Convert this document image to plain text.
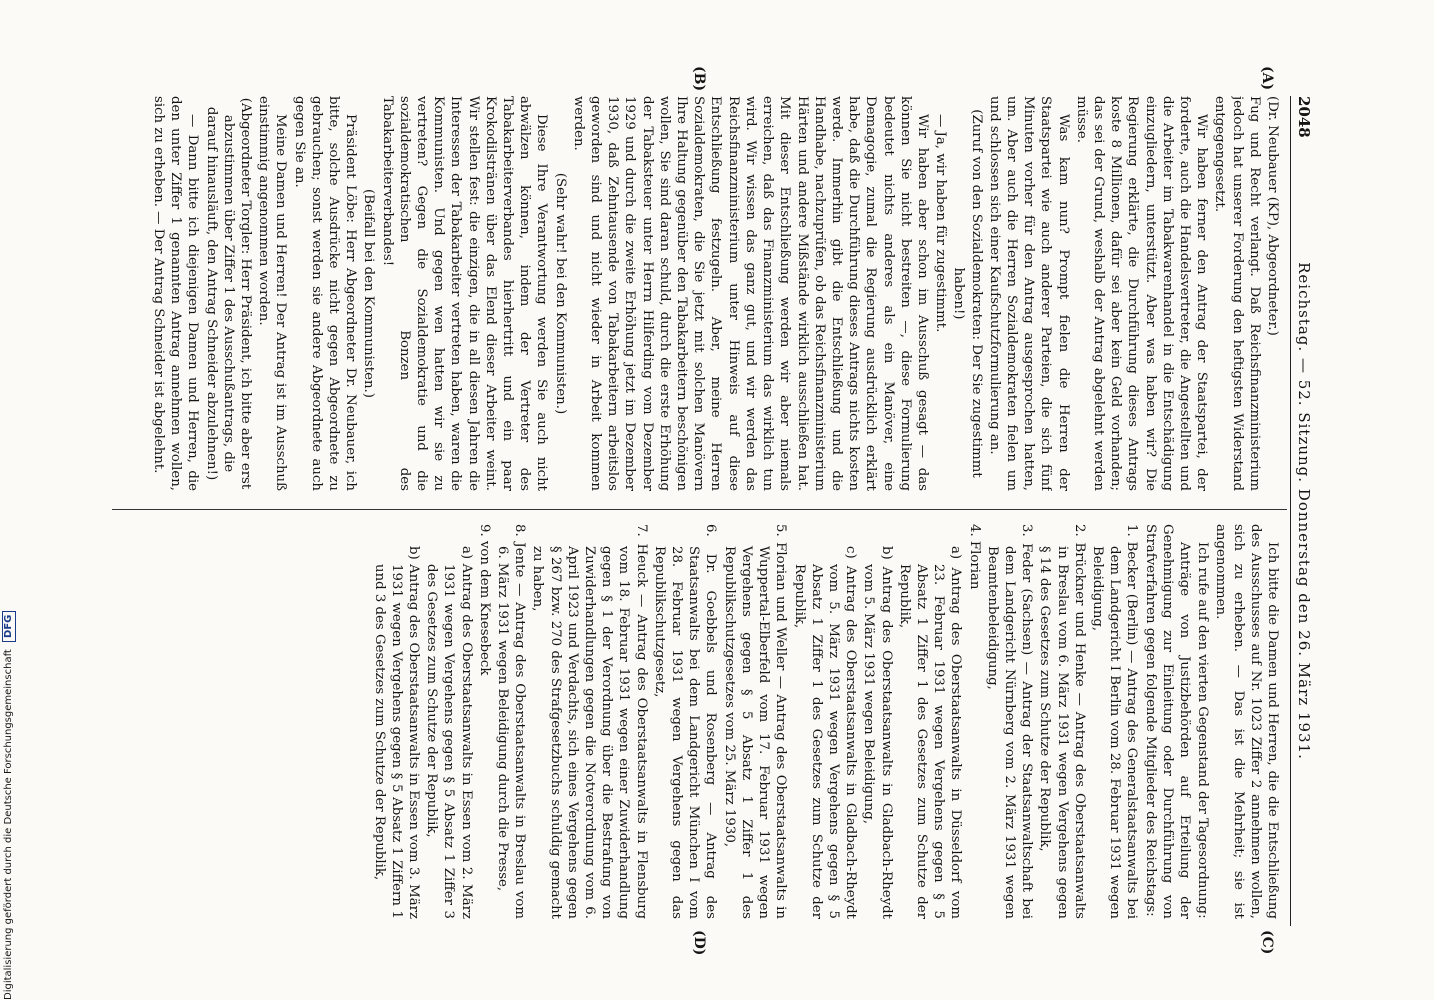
2048
Reichstag. — 52. Sitzung. Donnerstag den 26. März 1931.

(Dr. Neubauer (KP), Abgeordneter.)

Fug und Recht verlangt. Daß Reichsfinanzministerium jedoch hat unserer Forderung den heftigsten Widerstand entgegengesetzt.

Wir haben ferner den Antrag der Staatspartei, der forderte, auch die Handelsvertreter, die Angestellten und die Arbeiter im Tabakwarenhandel in die Entschädigung einzugliedern, unterstützt. Aber was haben wir? Die Regierung erklärte, die Durchführung dieses Antrags koste 8 Millionen, dafür sei aber kein Geld vorhanden; das sei der Grund, weshalb der Antrag abgelehnt werden müsse.

Was kam nun? Prompt fielen die Herren der Staatspartei wie auch anderer Parteien, die sich fünf Minuten vorher für den Antrag ausgesprochen hatten, um. Aber auch die Herren Sozialdemokraten fielen um und schlossen sich einer Kaufschutzformulierung an.

(Zuruf von den Sozialdemokraten: Der Sie zugestimmt haben!)

— Ja, wir haben für zugestimmt.

Wir haben aber schon im Ausschuß gesagt — das können Sie nicht bestreiten —, diese Formulierung bedeutet nichts anderes als ein Manöver, eine Demagogie, zumal die Regierung ausdrücklich erklärt habe, daß die Durchführung dieses Antrags nichts kosten werde. Immerhin gibt die Entschließung und die Handhabe, nachzuprüfen, ob das Reichsfinanzministerium Härten und andere Mißstände wirklich ausschließen hat. Mit dieser Entschließung werden wir aber niemals erreichen, daß das Finanzministerium das wirklich tun wird. Wir wissen das ganz gut, und wir werden das Reichsfinanzministerium unter Hinweis auf diese Entschließung festzugeln. Aber, meine Herren Sozialdemokraten, die Sie jetzt mit solchen Manövern Ihre Haltung gegenüber den Tabakarbeitern beschönigen wollen, Sie sind daran schuld, durch die erste Erhöhung der Tabaksteuer unter Herrn Hilferding vom Dezember 1929 und durch die zweite Erhöhung jetzt im Dezember 1930, daß Zehntausende von Tabakarbeitern arbeitslos geworden sind und nicht wieder in Arbeit kommen werden.

(Sehr wahr! bei den Kommunisten.)

Diese Ihre Verantwortung werden Sie auch nicht abwälzen können, indem der Vertreter des Tabakarbeiterverbandes hierhertritt und ein paar Krokodilstränen über das Elend dieser Arbeiter weint. Wir stellen fest: die einzigen, die in all diesen Jahren die Interessen der Tabakarbeiter vertreten haben, waren die Kommunisten. Und gegen wen hatten wir sie zu vertreten? Gegen die Sozialdemokratie und die sozialdemokratischen Bonzen des Tabakarbeiterverbandes!

(Beifall bei den Kommunisten.)

Präsident Löbe: Herr Abgeordneter Dr. Neubauer, ich bitte, solche Ausdrücke nicht gegen Abgeordnete zu gebrauchen; sonst werden sie andere Abgeordnete auch gegen Sie an.

Meine Damen und Herren! Der Antrag ist im Ausschuß einstimmig angenommen worden.

(Abgeordneter Torgler: Herr Präsident, ich bitte aber erst abzustimmen über Ziffer 1 des Ausschußantrags, die darauf hinausläuft, den Antrag Schneider abzulehnen!)

— Dann bitte ich diejenigen Damen und Herren, die den unter Ziffer 1 genannten Antrag annehmen wollen, sich zu erheben. — Der Antrag Schneider ist abgelehnt.

Ich bitte die Damen und Herren, die die Entschließung des Ausschusses auf Nr. 1023 Ziffer 2 annehmen wollen, sich zu erheben. — Das ist die Mehrheit; sie ist angenommen.

Ich rufe auf den vierten Gegenstand der Tagesordnung:

Anträge von Justizbehörden auf Erteilung der Genehmigung zur Einleitung oder Durchführung von Strafverfahren gegen folgende Mitglieder des Reichstags:

1. Becker (Berlin) — Antrag des Generalstaatsanwalts bei dem Landgericht I Berlin vom 28. Februar 1931 wegen Beleidigung,

2. Brückner und Henke — Antrag des Oberstaatsanwalts in Breslau vom 6. März 1931 wegen Vergehens gegen § 14 des Gesetzes zum Schutze der Republik,

3. Feder (Sachsen) — Antrag der Staatsanwaltschaft bei dem Landgericht Nürnberg vom 2. März 1931 wegen Beamtenbeleidigung,

4. Florian

a) Antrag des Oberstaatsanwalts in Düsseldorf vom 23. Februar 1931 wegen Vergehens gegen § 5 Absatz 1 Ziffer 1 des Gesetzes zum Schutze der Republik,

b) Antrag des Oberstaatsanwalts in Gladbach-Rheydt vom 5. März 1931 wegen Beleidigung,

c) Antrag des Oberstaatsanwalts in Gladbach-Rheydt vom 5. März 1931 wegen Vergehens gegen § 5 Absatz 1 Ziffer 1 des Gesetzes zum Schutze der Republik,

5. Florian und Weller — Antrag des Oberstaatsanwalts in Wuppertal-Elberfeld vom 17. Februar 1931 wegen Vergehens gegen § 5 Absatz 1 Ziffer 1 des Republikschutzgesetzes vom 25. März 1930,

6. Dr. Goebbels und Rosenberg — Antrag des Staatsanwalts bei dem Landgericht München I vom 28. Februar 1931 wegen Vergehens gegen das Republikschutzgesetz,

7. Heuck — Antrag des Oberstaatsanwalts in Flensburg vom 18. Februar 1931 wegen einer Zuwiderhandlung gegen § 1 der Verordnung über die Bestrafung von Zuwiderhandlungen gegen die Notverordnung vom 6. April 1923 und Verdachts, sich eines Vergehens gegen § 267 bzw. 270 des Strafgesetzbuchs schuldig gemacht zu haben,

8. Jente — Antrag des Oberstaatsanwalts in Breslau vom 6. März 1931 wegen Beleidigung durch die Presse,

9. von dem Knesebeck

a) Antrag des Oberstaatsanwalts in Essen vom 2. März 1931 wegen Vergehens gegen § 5 Absatz 1 Ziffer 3 des Gesetzes zum Schutze der Republik,

b) Antrag des Oberstaatsanwalts in Essen vom 3. März 1931 wegen Vergehens gegen § 5 Absatz 1 Ziffern 1 und 3 des Gesetzes zum Schutze der Republik,

(A)
(B)
(C)
(D)
Digitalisierung gefördert durch die Deutsche Forschungsgemeinschaft DFG
